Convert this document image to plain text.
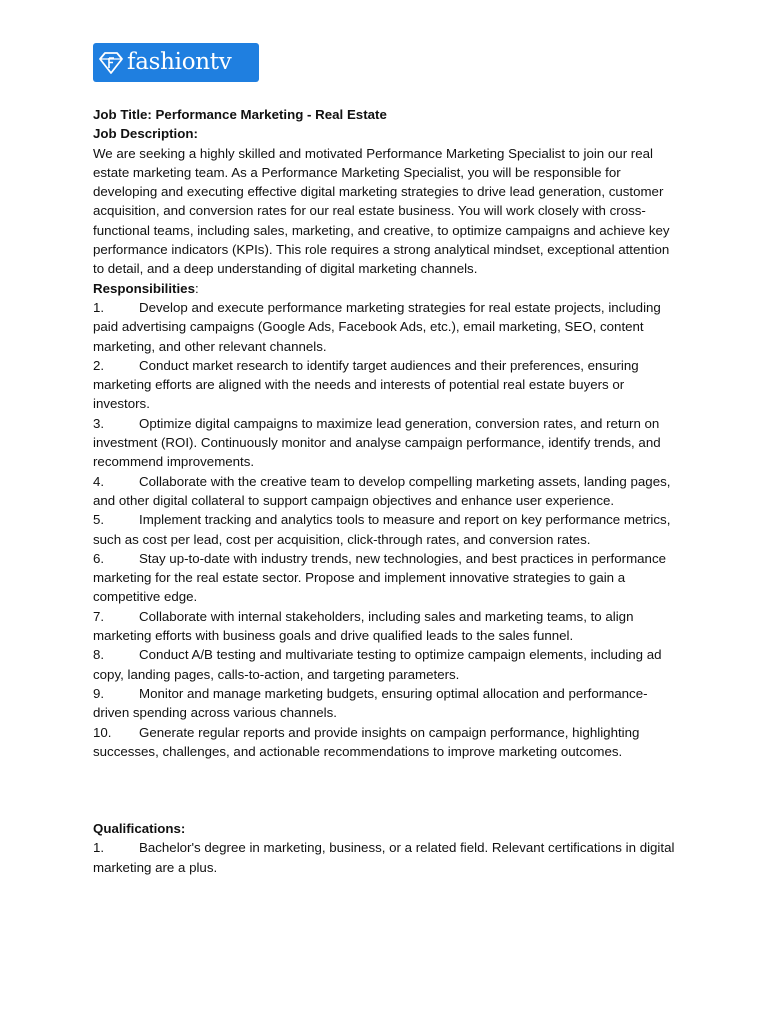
fashiontv

Job Title: Performance Marketing - Real Estate

Job Description:

We are seeking a highly skilled and motivated Performance Marketing Specialist to join our real estate marketing team. As a Performance Marketing Specialist, you will be responsible for developing and executing effective digital marketing strategies to drive lead generation, customer acquisition, and conversion rates for our real estate business. You will work closely with cross-functional teams, including sales, marketing, and creative, to optimize campaigns and achieve key performance indicators (KPIs). This role requires a strong analytical mindset, exceptional attention to detail, and a deep understanding of digital marketing channels.

Responsibilities:

1.	Develop and execute performance marketing strategies for real estate projects, including paid advertising campaigns (Google Ads, Facebook Ads, etc.), email marketing, SEO, content marketing, and other relevant channels.

2.	Conduct market research to identify target audiences and their preferences, ensuring marketing efforts are aligned with the needs and interests of potential real estate buyers or investors.

3.	Optimize digital campaigns to maximize lead generation, conversion rates, and return on investment (ROI). Continuously monitor and analyse campaign performance, identify trends, and recommend improvements.

4.	Collaborate with the creative team to develop compelling marketing assets, landing pages, and other digital collateral to support campaign objectives and enhance user experience.

5.	Implement tracking and analytics tools to measure and report on key performance metrics, such as cost per lead, cost per acquisition, click-through rates, and conversion rates.

6.	Stay up-to-date with industry trends, new technologies, and best practices in performance marketing for the real estate sector. Propose and implement innovative strategies to gain a competitive edge.

7.	Collaborate with internal stakeholders, including sales and marketing teams, to align marketing efforts with business goals and drive qualified leads to the sales funnel.

8.	Conduct A/B testing and multivariate testing to optimize campaign elements, including ad copy, landing pages, calls-to-action, and targeting parameters.

9.	Monitor and manage marketing budgets, ensuring optimal allocation and performance-driven spending across various channels.

10. Generate regular reports and provide insights on campaign performance, highlighting successes, challenges, and actionable recommendations to improve marketing outcomes.

Qualifications:

1.	Bachelor's degree in marketing, business, or a related field. Relevant certifications in digital marketing are a plus.
